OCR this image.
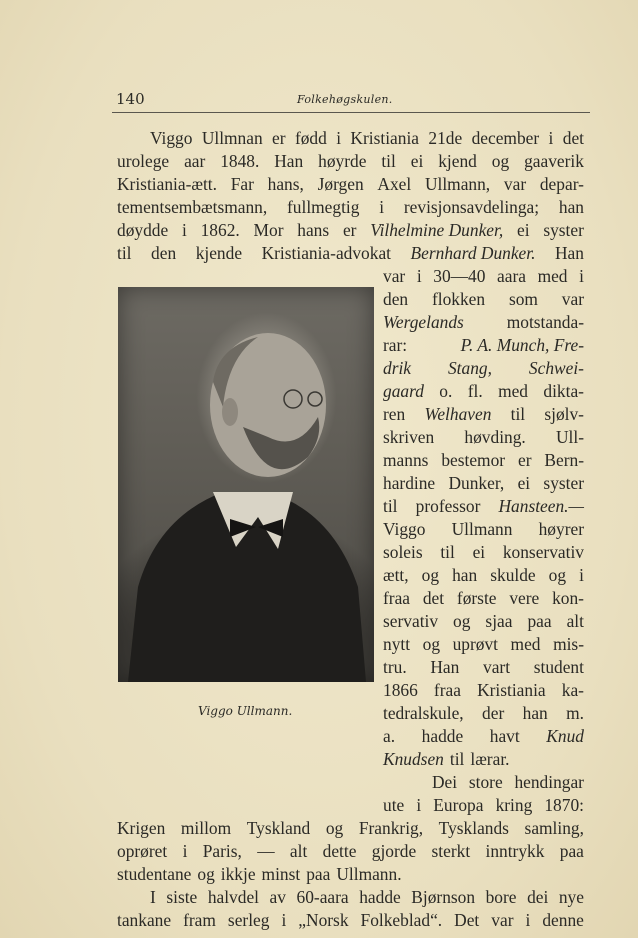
140	Folkehøgskulen.
Viggo Ullmnan er fødd i Kristiania 21de december i det
urolege aar 1848. Han høyrde til ei kjend og gaaverik
Kristiania-ætt. Far hans, Jørgen Axel Ullmann, var depar-
tementsembætsmann, fullmegtig i revisjonsavdelinga; han
døydde i 1862. Mor hans er Vilhelmine Dunker, ei syster
til den kjende Kristiania-advokat Bernhard Dunker. Han
Viggo Ullmann.
var i 30—40 aara med i
den flokken som var
Wergelands motstanda-
rar:	P. A. Munch, Fre-
drik Stang, Schwei-
gaard o. fl. med dikta-
ren Welhaven til sjølv-
skriven høvding. Ull-
manns bestemor er Bern-
hardine Dunker, ei syster
til professor Hansteen.—
Viggo Ullmann høyrer
soleis til ei konservativ
ætt, og han skulde og i
fraa det første vere kon-
servativ og sjaa paa alt
nytt og uprøvt med mis-
tru. Han vart student
1866 fraa Kristiania ka-
tedralskule, der han m.
a. hadde havt Knud
Knudsen til lærar.
Dei store hendingar
ute i Europa kring 1870:
Krigen millom Tyskland og Frankrig, Tysklands samling,
oprøret i Paris, — alt dette gjorde sterkt inntrykk paa
studentane og ikkje minst paa Ullmann.
I siste halvdel av 60-aara hadde Bjørnson bore dei nye
tankane fram serleg i „Norsk Folkeblad“. Det var i denne
